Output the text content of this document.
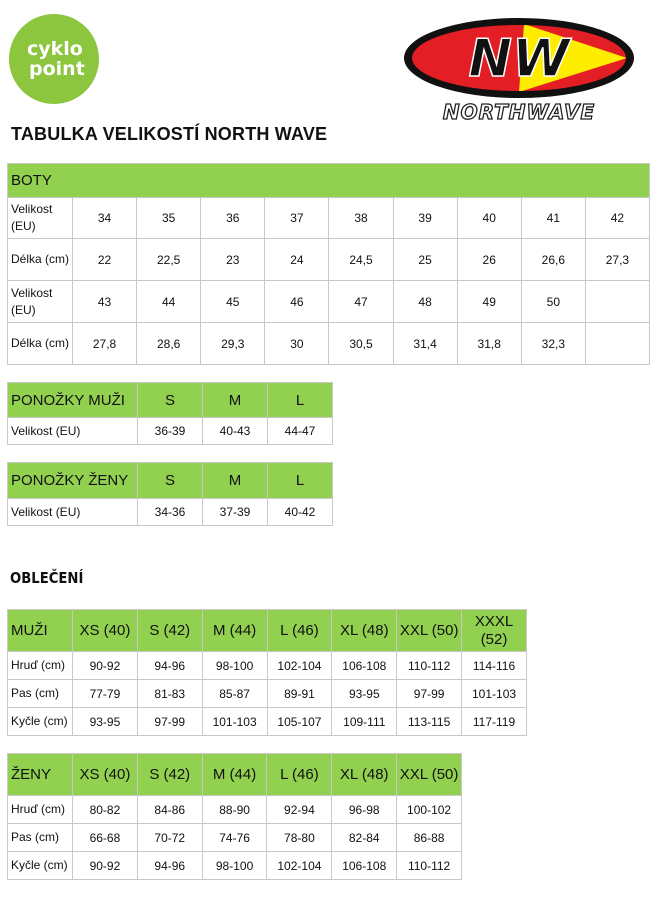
cyklo
point	NW
NORTHWAVE
TABULKA VELIKOSTÍ NORTH WAVE
BOTY									
Velikost (EU)	34	35	36	37	38	39	40	41	42
Délka (cm)	22	22,5	23	24	24,5	25	26	26,6	27,3
Velikost (EU)	43	44	45	46	47	48	49	50	
Délka (cm)	27,8	28,6	29,3	30	30,5	31,4	31,8	32,3	
PONOŽKY MUŽI	S	M	L
Velikost (EU)	36-39	40-43	44-47
PONOŽKY ŽENY	S	M	L
Velikost (EU)	34-36	37-39	40-42
OBLEČENÍ
MUŽI	XS (40)	S (42)	M (44)	L (46)	XL (48)	XXL (50)	XXXL (52)
Hruď (cm)	90-92	94-96	98-100	102-104	106-108	110-112	114-116
Pas (cm)	77-79	81-83	85-87	89-91	93-95	97-99	101-103
Kyčle (cm)	93-95	97-99	101-103	105-107	109-111	113-115	117-119
ŽENY	XS (40)	S (42)	M (44)	L (46)	XL (48)	XXL (50)
Hruď (cm)	80-82	84-86	88-90	92-94	96-98	100-102
Pas (cm)	66-68	70-72	74-76	78-80	82-84	86-88
Kyčle (cm)	90-92	94-96	98-100	102-104	106-108	110-112
